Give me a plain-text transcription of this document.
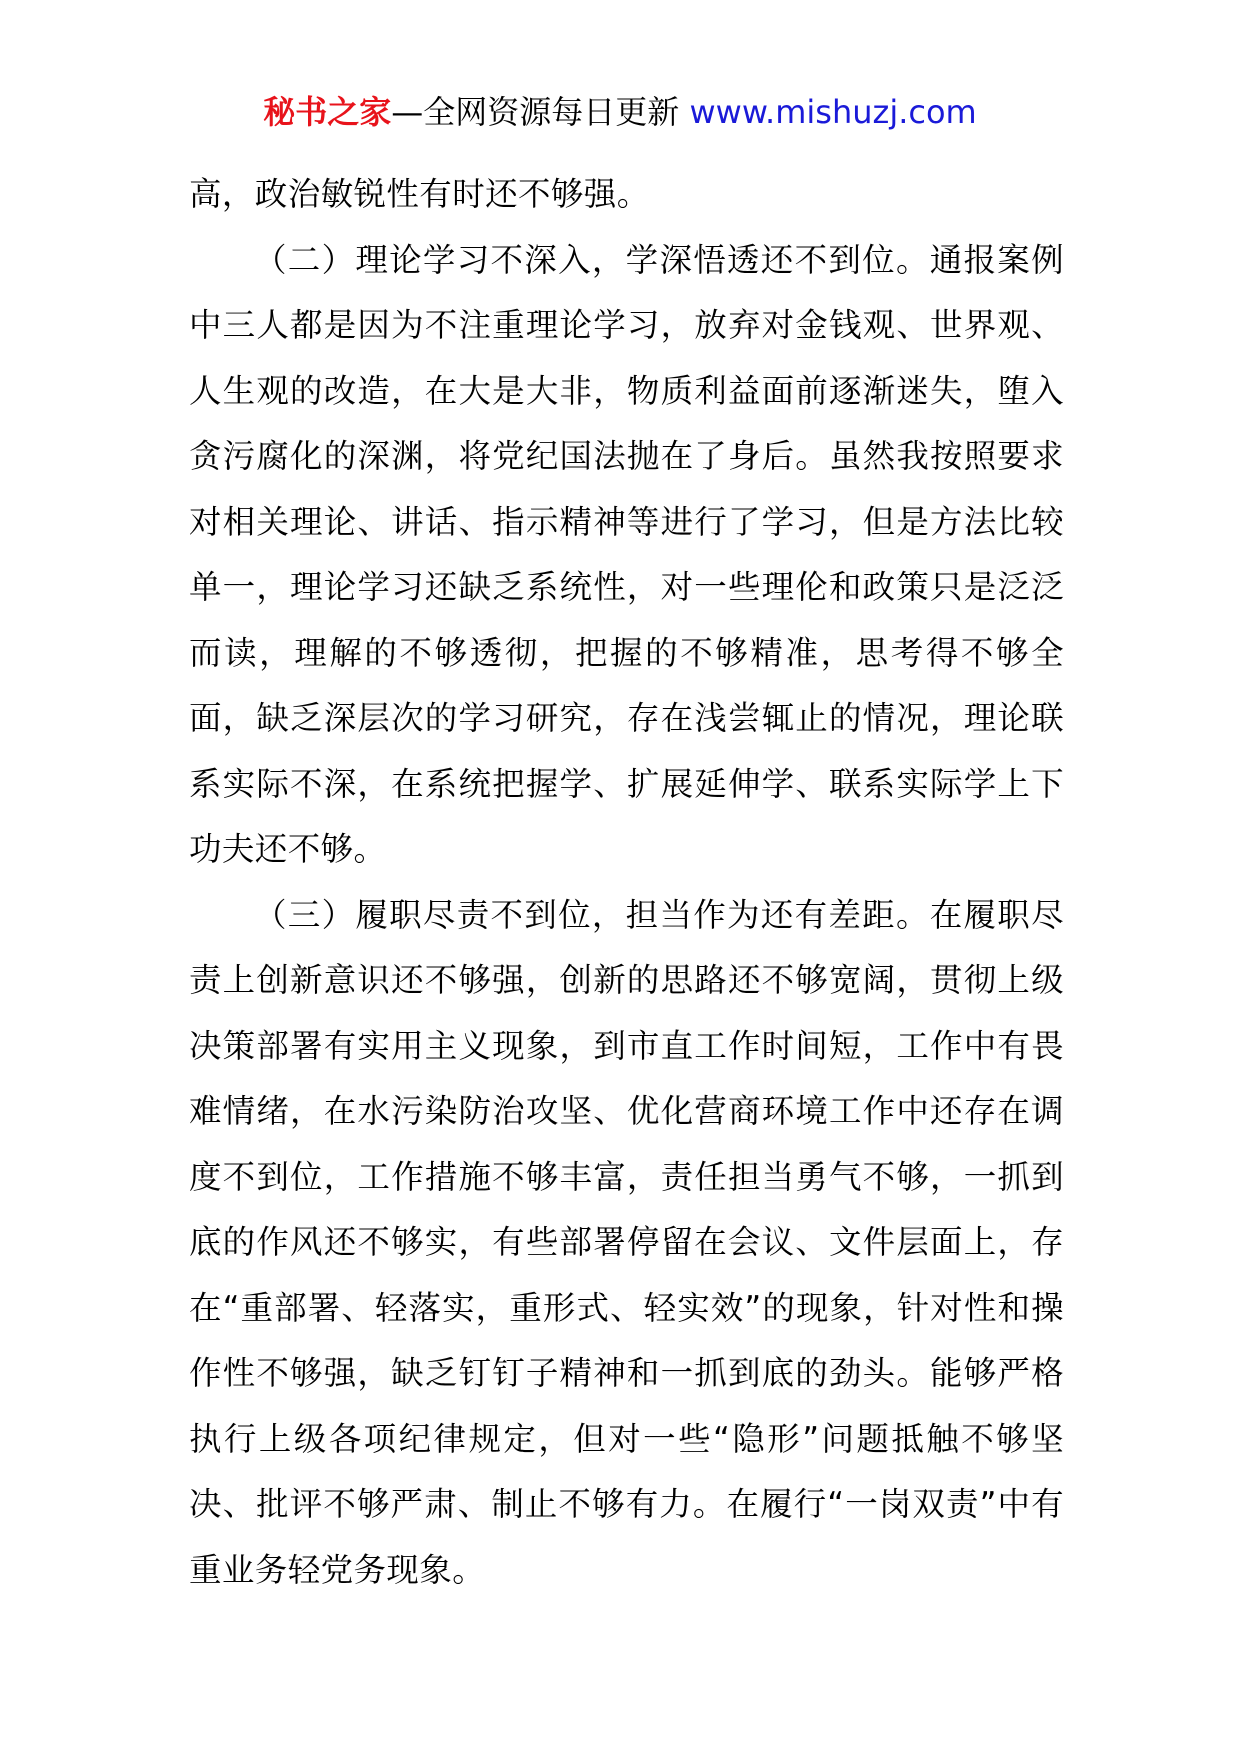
秘书之家—全网资源每日更新 www.mishuzj.com

高，政治敏锐性有时还不够强。

（二）理论学习不深入，学深悟透还不到位。通报案例中三人都是因为不注重理论学习，放弃对金钱观、世界观、人生观的改造，在大是大非，物质利益面前逐渐迷失，堕入贪污腐化的深渊，将党纪国法抛在了身后。虽然我按照要求对相关理论、讲话、指示精神等进行了学习，但是方法比较单一，理论学习还缺乏系统性，对一些理伦和政策只是泛泛而读，理解的不够透彻，把握的不够精准，思考得不够全面，缺乏深层次的学习研究，存在浅尝辄止的情况，理论联系实际不深，在系统把握学、扩展延伸学、联系实际学上下功夫还不够。

（三）履职尽责不到位，担当作为还有差距。在履职尽责上创新意识还不够强，创新的思路还不够宽阔，贯彻上级决策部署有实用主义现象，到市直工作时间短，工作中有畏难情绪，在水污染防治攻坚、优化营商环境工作中还存在调度不到位，工作措施不够丰富，责任担当勇气不够，一抓到底的作风还不够实，有些部署停留在会议、文件层面上，存在“重部署、轻落实，重形式、轻实效”的现象，针对性和操作性不够强，缺乏钉钉子精神和一抓到底的劲头。能够严格执行上级各项纪律规定，但对一些“隐形”问题抵触不够坚决、批评不够严肃、制止不够有力。在履行“一岗双责”中有重业务轻党务现象。
